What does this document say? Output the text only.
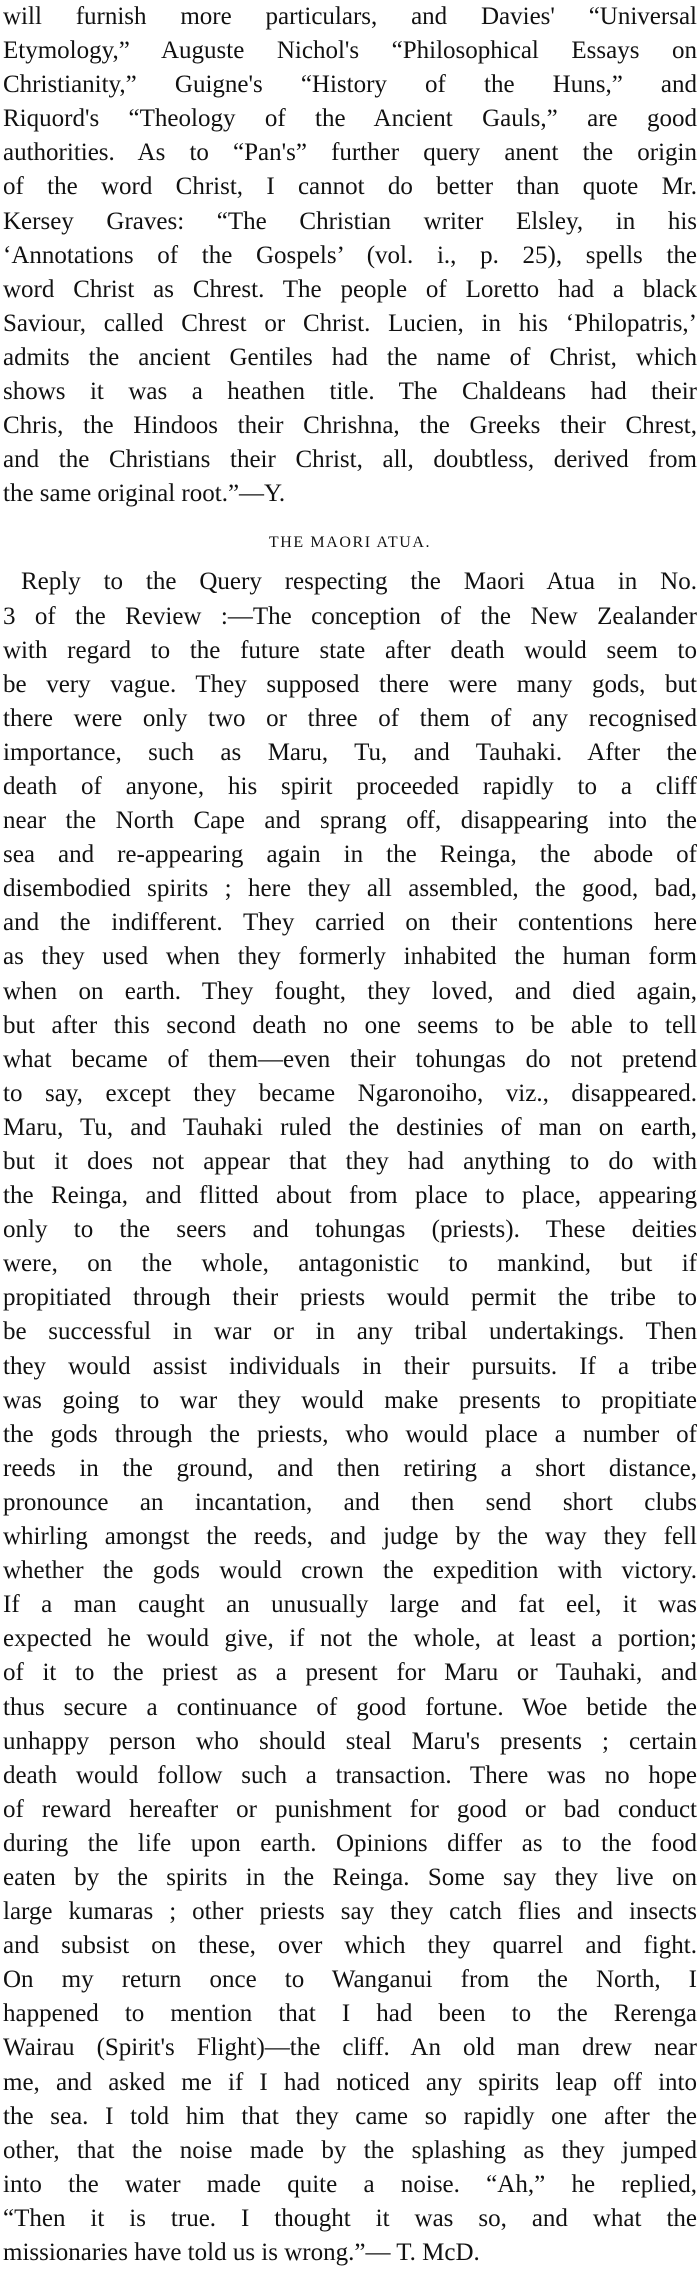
will furnish more particulars, and Davies' “Universal
Etymology,” Auguste Nichol's “Philosophical Essays on
Christianity,” Guigne's “History of the Huns,” and
Riquord's “Theology of the Ancient Gauls,” are good
authorities. As to “Pan's” further query anent the origin
of the word Christ, I cannot do better than quote Mr.
Kersey Graves: “The Christian writer Elsley, in his
‘Annotations of the Gospels’ (vol. i., p. 25), spells the
word Christ as Chrest. The people of Loretto had a black
Saviour, called Chrest or Christ. Lucien, in his ‘Philopatris,’
admits the ancient Gentiles had the name of Christ, which
shows it was a heathen title. The Chaldeans had their
Chris, the Hindoos their Chrishna, the Greeks their Chrest,
and the Christians their Christ, all, doubtless, derived from
the same original root.”—Y.

THE MAORI ATUA.

Reply to the Query respecting the Maori Atua in No.
3 of the Review :—The conception of the New Zealander
with regard to the future state after death would seem to
be very vague. They supposed there were many gods, but
there were only two or three of them of any recognised
importance, such as Maru, Tu, and Tauhaki. After the
death of anyone, his spirit proceeded rapidly to a cliff
near the North Cape and sprang off, disappearing into the
sea and re-appearing again in the Reinga, the abode of
disembodied spirits ; here they all assembled, the good, bad,
and the indifferent. They carried on their contentions here
as they used when they formerly inhabited the human form
when on earth. They fought, they loved, and died again,
but after this second death no one seems to be able to tell
what became of them—even their tohungas do not pretend
to say, except they became Ngaronoiho, viz., disappeared.
Maru, Tu, and Tauhaki ruled the destinies of man on earth,
but it does not appear that they had anything to do with
the Reinga, and flitted about from place to place, appearing
only to the seers and tohungas (priests). These deities
were, on the whole, antagonistic to mankind, but if
propitiated through their priests would permit the tribe to
be successful in war or in any tribal undertakings. Then
they would assist individuals in their pursuits. If a tribe
was going to war they would make presents to propitiate
the gods through the priests, who would place a number of
reeds in the ground, and then retiring a short distance,
pronounce an incantation, and then send short clubs
whirling amongst the reeds, and judge by the way they fell
whether the gods would crown the expedition with victory.
If a man caught an unusually large and fat eel, it was
expected he would give, if not the whole, at least a portion;
of it to the priest as a present for Maru or Tauhaki, and
thus secure a continuance of good fortune. Woe betide the
unhappy person who should steal Maru's presents ; certain
death would follow such a transaction. There was no hope
of reward hereafter or punishment for good or bad conduct
during the life upon earth. Opinions differ as to the food
eaten by the spirits in the Reinga. Some say they live on
large kumaras ; other priests say they catch flies and insects
and subsist on these, over which they quarrel and fight.
On my return once to Wanganui from the North, I
happened to mention that I had been to the Rerenga
Wairau (Spirit's Flight)—the cliff. An old man drew near
me, and asked me if I had noticed any spirits leap off into
the sea. I told him that they came so rapidly one after the
other, that the noise made by the splashing as they jumped
into the water made quite a noise. “Ah,” he replied,
“Then it is true. I thought it was so, and what the
missionaries have told us is wrong.”— T. McD.
